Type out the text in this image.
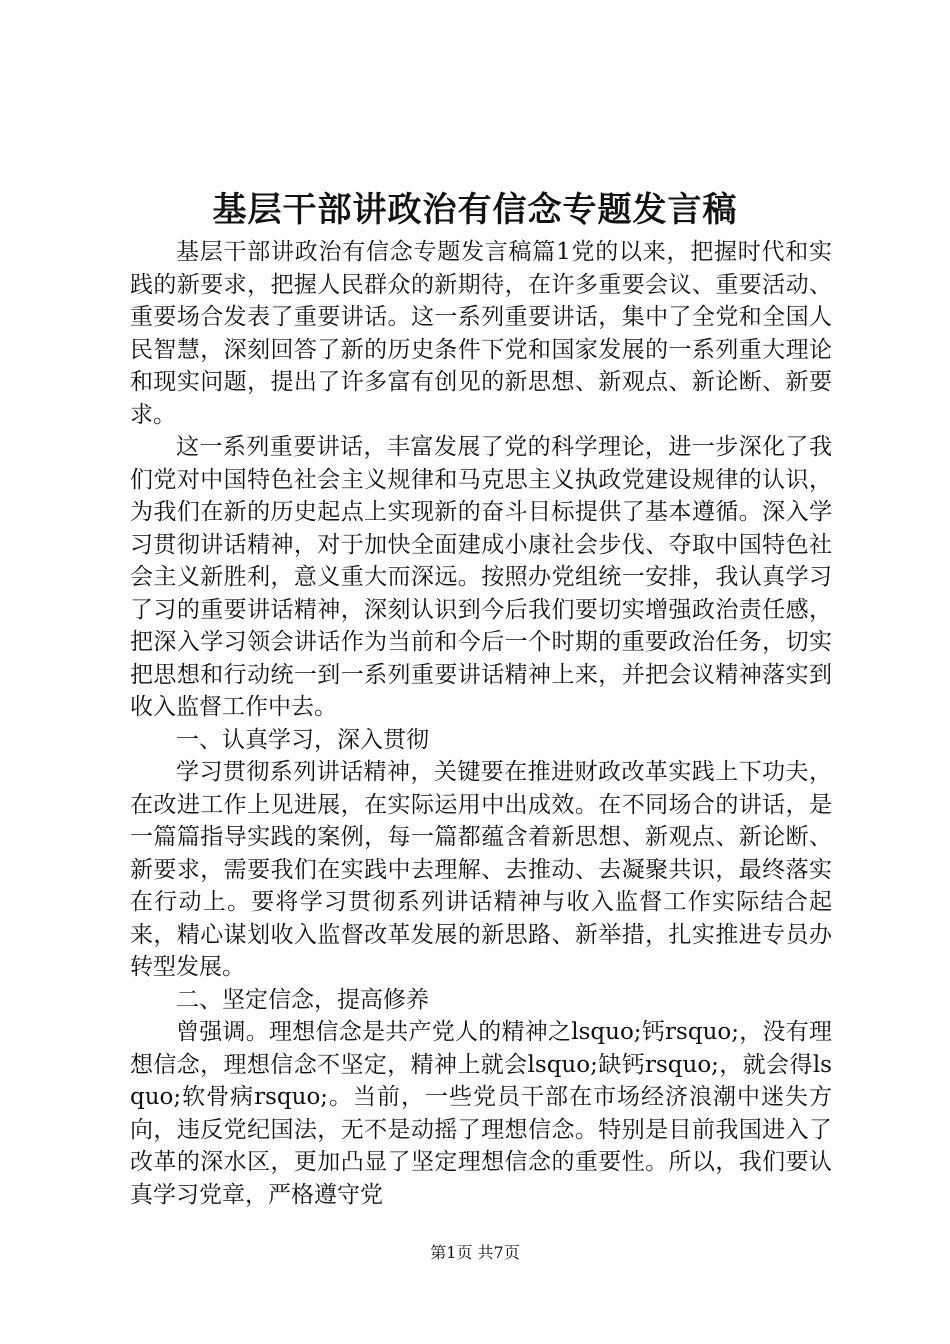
基层干部讲政治有信念专题发言稿

基层干部讲政治有信念专题发言稿篇1党的以来，把握时代和实践的新要求，把握人民群众的新期待，在许多重要会议、重要活动、重要场合发表了重要讲话。这一系列重要讲话，集中了全党和全国人民智慧，深刻回答了新的历史条件下党和国家发展的一系列重大理论和现实问题，提出了许多富有创见的新思想、新观点、新论断、新要求。

这一系列重要讲话，丰富发展了党的科学理论，进一步深化了我们党对中国特色社会主义规律和马克思主义执政党建设规律的认识，为我们在新的历史起点上实现新的奋斗目标提供了基本遵循。深入学习贯彻讲话精神，对于加快全面建成小康社会步伐、夺取中国特色社会主义新胜利，意义重大而深远。按照办党组统一安排，我认真学习了习的重要讲话精神，深刻认识到今后我们要切实增强政治责任感，把深入学习领会讲话作为当前和今后一个时期的重要政治任务，切实把思想和行动统一到一系列重要讲话精神上来，并把会议精神落实到收入监督工作中去。

一、认真学习，深入贯彻

学习贯彻系列讲话精神，关键要在推进财政改革实践上下功夫，在改进工作上见进展，在实际运用中出成效。在不同场合的讲话，是一篇篇指导实践的案例，每一篇都蕴含着新思想、新观点、新论断、新要求，需要我们在实践中去理解、去推动、去凝聚共识，最终落实在行动上。要将学习贯彻系列讲话精神与收入监督工作实际结合起来，精心谋划收入监督改革发展的新思路、新举措，扎实推进专员办转型发展。

二、坚定信念，提高修养

曾强调。理想信念是共产党人的精神之lsquo;钙rsquo;，没有理想信念，理想信念不坚定，精神上就会lsquo;缺钙rsquo;，就会得lsquo;软骨病rsquo;。当前，一些党员干部在市场经济浪潮中迷失方向，违反党纪国法，无不是动摇了理想信念。特别是目前我国进入了改革的深水区，更加凸显了坚定理想信念的重要性。所以，我们要认真学习党章，严格遵守党

第1页 共7页
